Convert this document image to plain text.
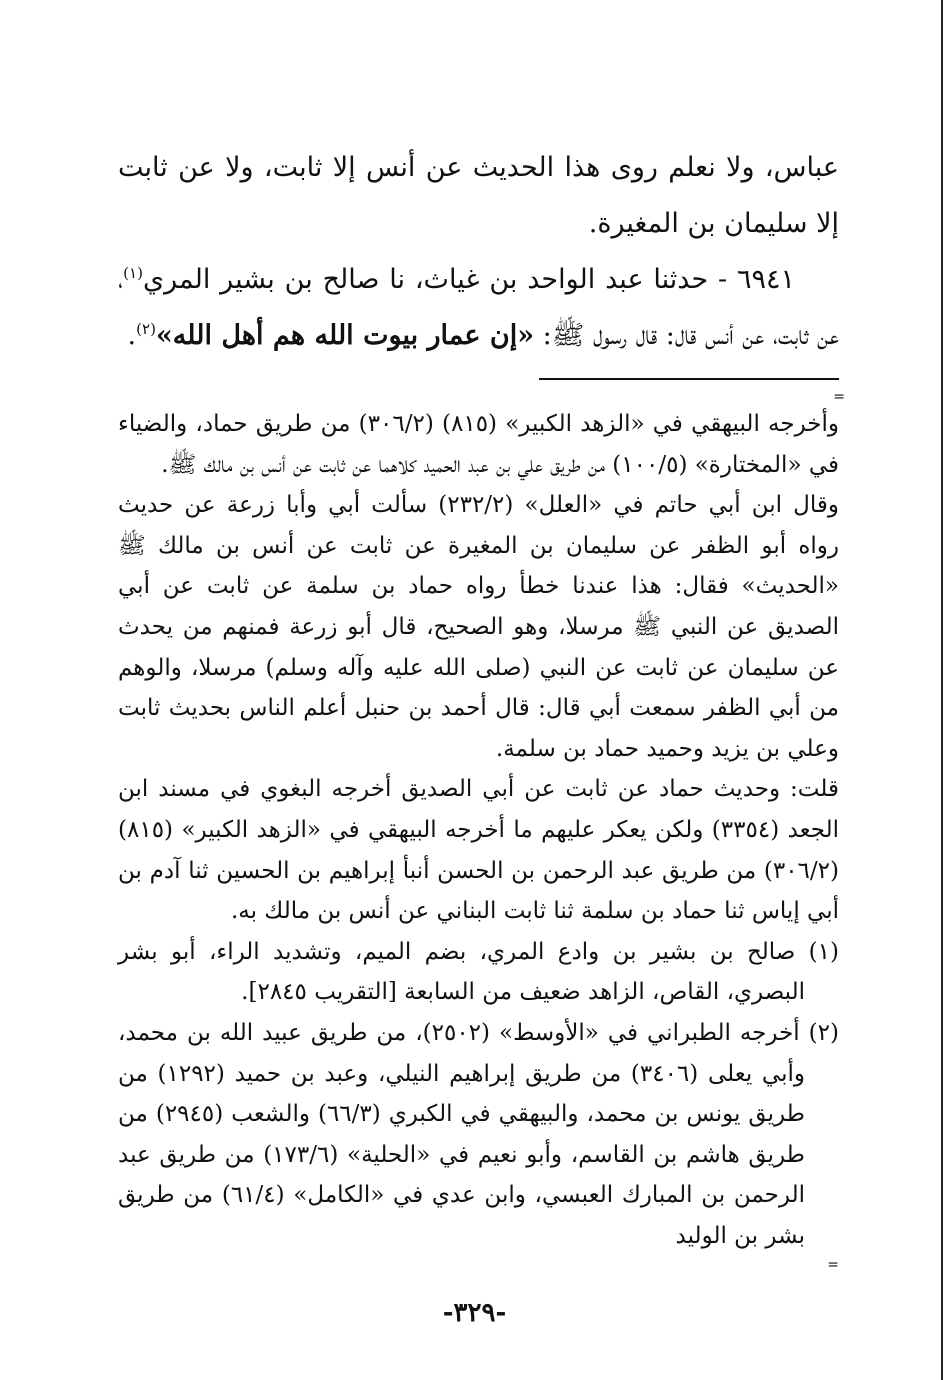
عباس، ولا نعلم روى هذا الحديث عن أنس إلا ثابت، ولا عن ثابت إلا سليمان بن المغيرة.

٦٩٤١ - حدثنا عبد الواحد بن غياث، نا صالح بن بشير المري$^{(١)}$، عن ثابت، عن أنس قال: قال رسول ﷺ: «إن عمار بيوت الله هم أهل الله»$^{(٢)}$.

=

وأخرجه البيهقي في «الزهد الكبير» (٨١٥) (٣٠٦/٢) من طريق حماد، والضياء في «المختارة» (١٠٠/٥) من طريق علي بن عبد الحميد كلاهما عن ثابت عن أنس بن مالك ﷺ.

وقال ابن أبي حاتم في «العلل» (٢٣٢/٢) سألت أبي وأبا زرعة عن حديث رواه أبو الظفر عن سليمان بن المغيرة عن ثابت عن أنس بن مالك ﷺ «الحديث» فقال: هذا عندنا خطأ رواه حماد بن سلمة عن ثابت عن أبي الصديق عن النبي ﷺ مرسلا، وهو الصحيح، قال أبو زرعة فمنهم من يحدث عن سليمان عن ثابت عن النبي (صلى الله عليه وآله وسلم) مرسلا، والوهم من أبي الظفر سمعت أبي قال: قال أحمد بن حنبل أعلم الناس بحديث ثابت وعلي بن يزيد وحميد حماد بن سلمة.

قلت: وحديث حماد عن ثابت عن أبي الصديق أخرجه البغوي في مسند ابن الجعد (٣٣٥٤) ولكن يعكر عليهم ما أخرجه البيهقي في «الزهد الكبير» (٨١٥) (٣٠٦/٢) من طريق عبد الرحمن بن الحسن أنبأ إبراهيم بن الحسين ثنا آدم بن أبي إياس ثنا حماد بن سلمة ثنا ثابت البناني عن أنس بن مالك به.

(١) صالح بن بشير بن وادع المري، بضم الميم، وتشديد الراء، أبو بشر البصري، القاص، الزاهد ضعيف من السابعة [التقريب ٢٨٤٥].

(٢) أخرجه الطبراني في «الأوسط» (٢٥٠٢)، من طريق عبيد الله بن محمد، وأبي يعلى (٣٤٠٦) من طريق إبراهيم النيلي، وعبد بن حميد (١٢٩٢) من طريق يونس بن محمد، والبيهقي في الكبري (٦٦/٣) والشعب (٢٩٤٥) من طريق هاشم بن القاسم، وأبو نعيم في «الحلية» (١٧٣/٦) من طريق عبد الرحمن بن المبارك العبسي، وابن عدي في «الكامل» (٦١/٤) من طريق بشر بن الوليد

=
-٣٢٩-
